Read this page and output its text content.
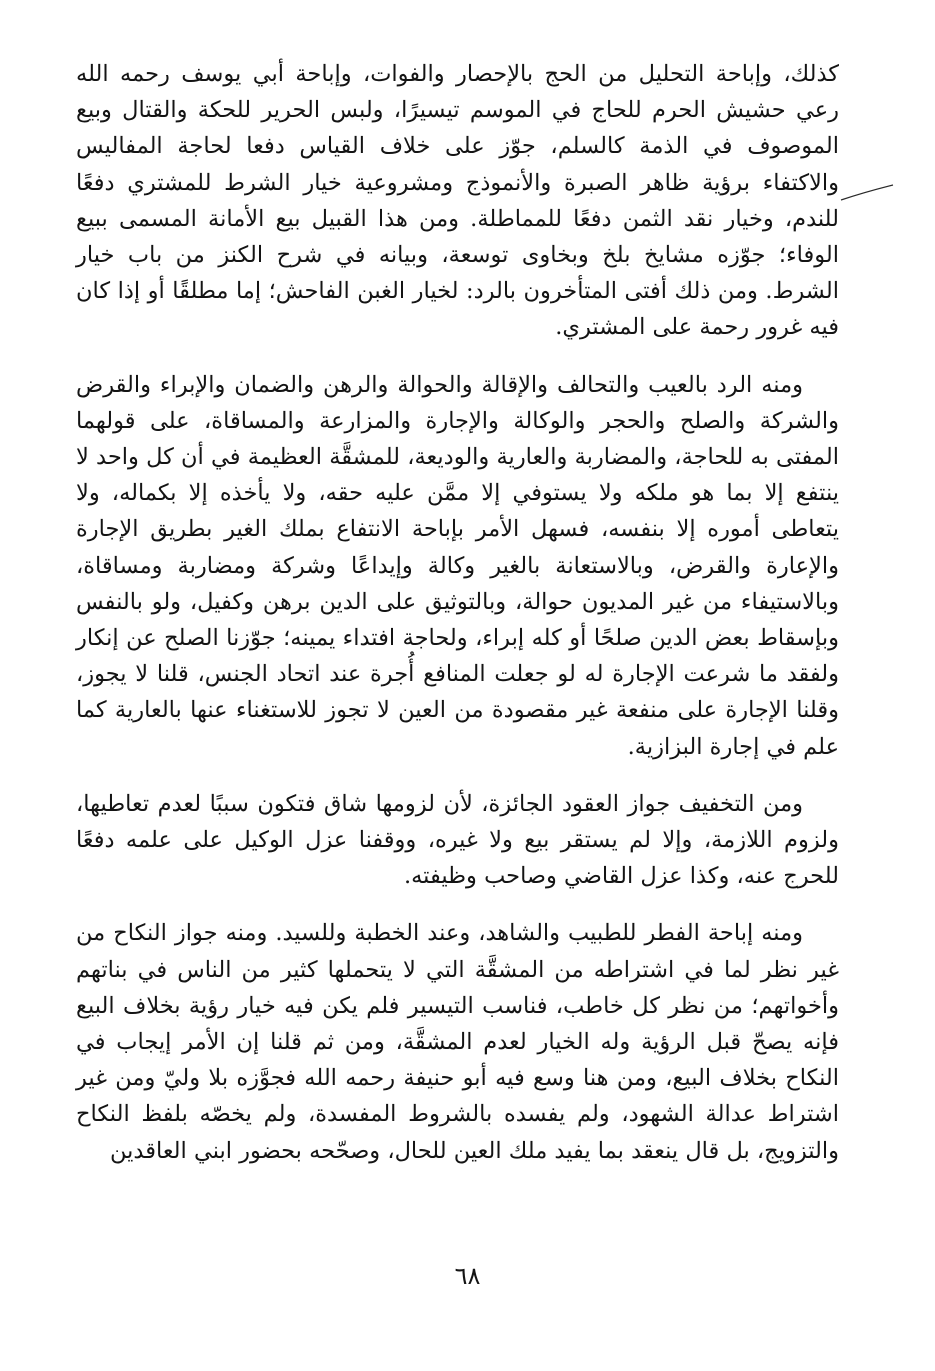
كذلك، وإباحة التحليل من الحج بالإحصار والفوات، وإباحة أبي يوسف رحمه الله رعي حشيش الحرم للحاج في الموسم تيسيرًا، ولبس الحرير للحكة والقتال وبيع الموصوف في الذمة كالسلم، جوّز على خلاف القياس دفعا لحاجة المفاليس والاكتفاء برؤية ظاهر الصبرة والأنموذج ومشروعية خيار الشرط للمشتري دفعًا للندم، وخيار نقد الثمن دفعًا للمماطلة. ومن هذا القبيل بيع الأمانة المسمى ببيع الوفاء؛ جوّزه مشايخ بلخ وبخاوى توسعة، وبيانه في شرح الكنز من باب خيار الشرط. ومن ذلك أفتى المتأخرون بالرد: لخيار الغبن الفاحش؛ إما مطلقًا أو إذا كان فيه غرور رحمة على المشتري.

ومنه الرد بالعيب والتحالف والإقالة والحوالة والرهن والضمان والإبراء والقرض والشركة والصلح والحجر والوكالة والإجارة والمزارعة والمساقاة، على قولهما المفتى به للحاجة، والمضاربة والعارية والوديعة، للمشقَّة العظيمة في أن كل واحد لا ينتفع إلا بما هو ملكه ولا يستوفي إلا ممَّن عليه حقه، ولا يأخذه إلا بكماله، ولا يتعاطى أموره إلا بنفسه، فسهل الأمر بإباحة الانتفاع بملك الغير بطريق الإجارة والإعارة والقرض، وبالاستعانة بالغير وكالة وإيداعًا وشركة ومضاربة ومساقاة، وبالاستيفاء من غير المديون حوالة، وبالتوثيق على الدين برهن وكفيل، ولو بالنفس وبإسقاط بعض الدين صلحًا أو كله إبراء، ولحاجة افتداء يمينه؛ جوّزنا الصلح عن إنكار ولفقد ما شرعت الإجارة له لو جعلت المنافع أُجرة عند اتحاد الجنس، قلنا لا يجوز، وقلنا الإجارة على منفعة غير مقصودة من العين لا تجوز للاستغناء عنها بالعارية كما علم في إجارة البزازية.

ومن التخفيف جواز العقود الجائزة، لأن لزومها شاق فتكون سببًا لعدم تعاطيها، ولزوم اللازمة، وإلا لم يستقر بيع ولا غيره، ووقفنا عزل الوكيل على علمه دفعًا للحرج عنه، وكذا عزل القاضي وصاحب وظيفته.

ومنه إباحة الفطر للطبيب والشاهد، وعند الخطبة وللسيد. ومنه جواز النكاح من غير نظر لما في اشتراطه من المشقَّة التي لا يتحملها كثير من الناس في بناتهم وأخواتهم؛ من نظر كل خاطب، فناسب التيسير فلم يكن فيه خيار رؤية بخلاف البيع فإنه يصحّ قبل الرؤية وله الخيار لعدم المشقَّة، ومن ثم قلنا إن الأمر إيجاب في النكاح بخلاف البيع، ومن هنا وسع فيه أبو حنيفة رحمه الله فجوَّزه بلا وليّ ومن غير اشتراط عدالة الشهود، ولم يفسده بالشروط المفسدة، ولم يخصّه بلفظ النكاح والتزويج، بل قال ينعقد بما يفيد ملك العين للحال، وصحّحه بحضور ابني العاقدين

٦٨
